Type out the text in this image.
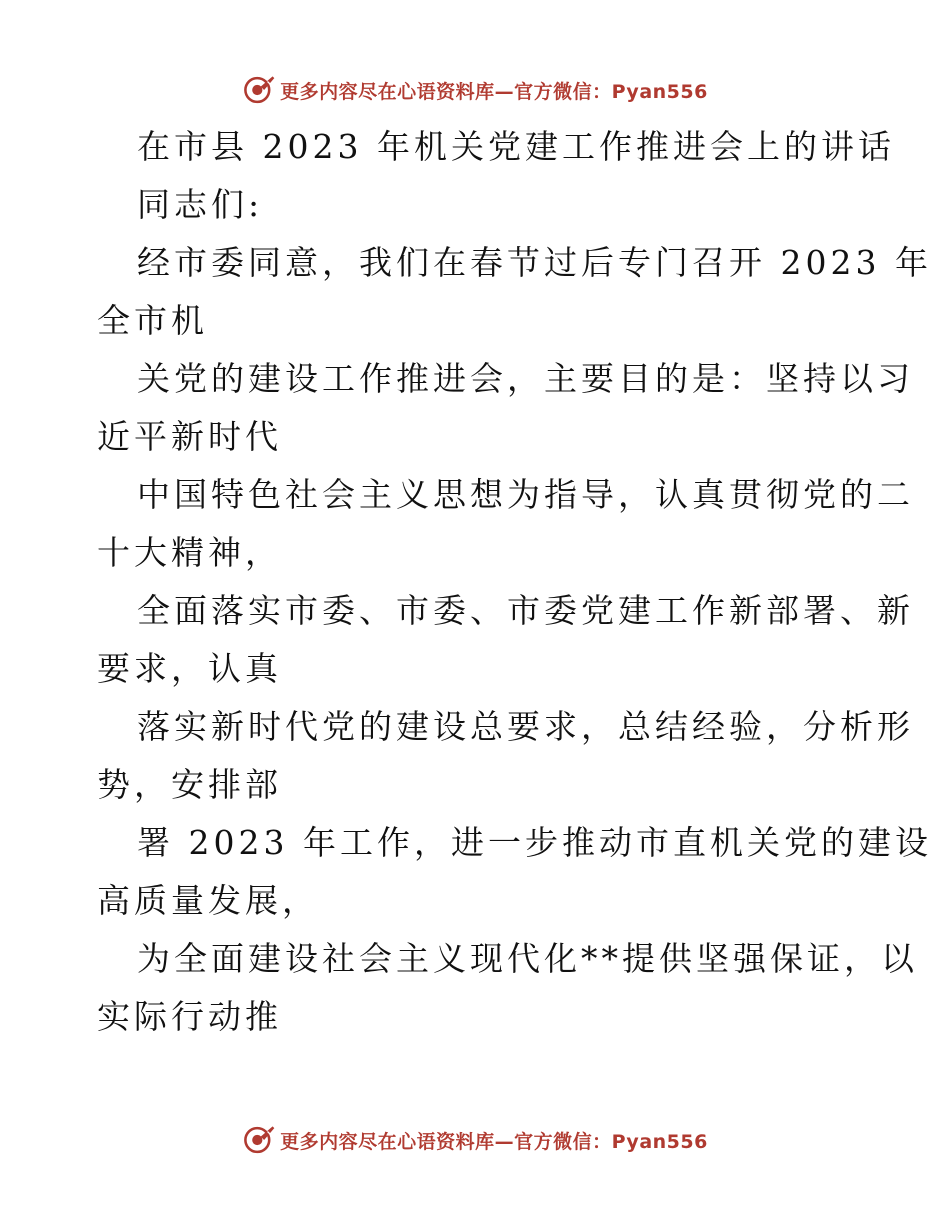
更多内容尽在心语资料库—官方微信：Pyan556
在市县 2023 年机关党建工作推进会上的讲话
同志们:
经市委同意，我们在春节过后专门召开 2023 年
全市机
关党的建设工作推进会，主要目的是：坚持以习
近平新时代
中国特色社会主义思想为指导，认真贯彻党的二
十大精神，
全面落实市委、市委、市委党建工作新部署、新
要求，认真
落实新时代党的建设总要求，总结经验，分析形
势，安排部
署 2023 年工作，进一步推动市直机关党的建设
高质量发展，
为全面建设社会主义现代化**提供坚强保证，以
实际行动推
更多内容尽在心语资料库—官方微信：Pyan556
